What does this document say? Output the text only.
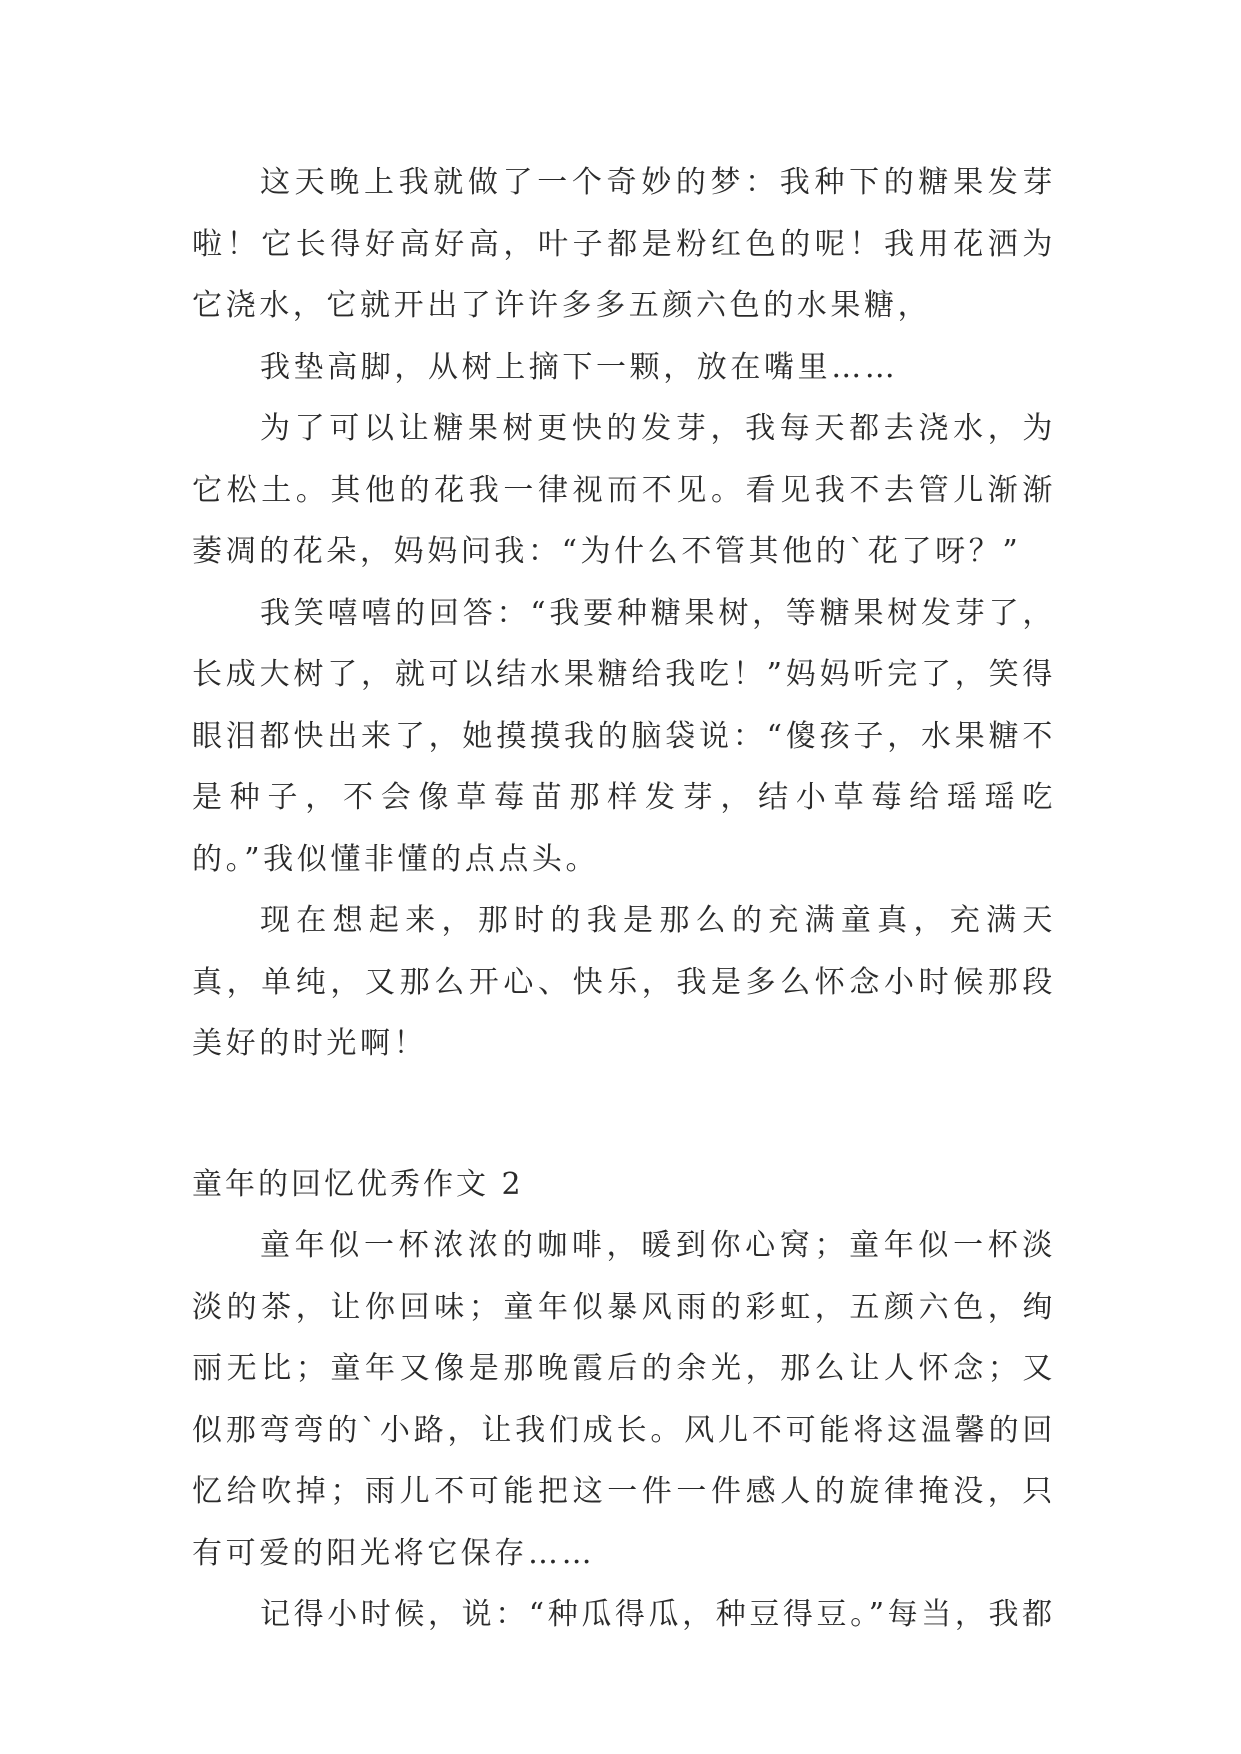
这天晚上我就做了一个奇妙的梦：我种下的糖果发芽啦！它长得好高好高，叶子都是粉红色的呢！我用花洒为它浇水，它就开出了许许多多五颜六色的水果糖，

我垫高脚，从树上摘下一颗，放在嘴里……

为了可以让糖果树更快的发芽，我每天都去浇水，为它松土。其他的花我一律视而不见。看见我不去管儿渐渐萎凋的花朵，妈妈问我：“为什么不管其他的`花了呀？”

我笑嘻嘻的回答：“我要种糖果树，等糖果树发芽了，长成大树了，就可以结水果糖给我吃！”妈妈听完了，笑得眼泪都快出来了，她摸摸我的脑袋说：“傻孩子，水果糖不是种子，不会像草莓苗那样发芽，结小草莓给瑶瑶吃的。”我似懂非懂的点点头。

现在想起来，那时的我是那么的充满童真，充满天真，单纯，又那么开心、快乐，我是多么怀念小时候那段美好的时光啊！

童年的回忆优秀作文 2

童年似一杯浓浓的咖啡，暖到你心窝；童年似一杯淡淡的茶，让你回味；童年似暴风雨的彩虹，五颜六色，绚丽无比；童年又像是那晚霞后的余光，那么让人怀念；又似那弯弯的`小路，让我们成长。风儿不可能将这温馨的回忆给吹掉；雨儿不可能把这一件一件感人的旋律掩没，只有可爱的阳光将它保存……

记得小时候，说：“种瓜得瓜，种豆得豆。”每当，我都
